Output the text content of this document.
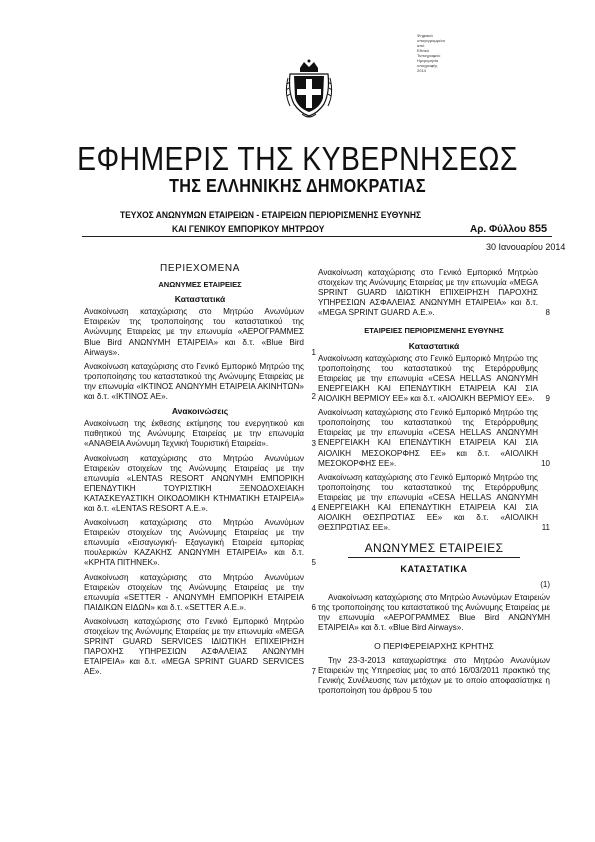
Ψηφιακά
υπογεγραμμένο
από
Εθνικό
Τυπογραφείο
Ημερομηνία
υπογραφής
2014
ΕΦΗΜΕΡΙΣ ΤΗΣ ΚΥΒΕΡΝΗΣΕΩΣ
ΤΗΣ ΕΛΛΗΝΙΚΗΣ ΔΗΜΟΚΡΑΤΙΑΣ
ΤΕΥΧΟΣ ΑΝΩΝΥΜΩΝ ΕΤΑΙΡΕΙΩΝ - ΕΤΑΙΡΕΙΩΝ ΠΕΡΙΟΡΙΣΜΕΝΗΣ ΕΥΘΥΝΗΣ
ΚΑΙ ΓΕΝΙΚΟΥ ΕΜΠΟΡΙΚΟΥ ΜΗΤΡΩΟΥ	Αρ. Φύλλου 855
30 Ιανουαρίου 2014
ΠΕΡΙΕΧΟΜΕΝΑ
ΑΝΩΝΥΜΕΣ ΕΤΑΙΡΕΙΕΣ
Καταστατικά
Ανακοίνωση καταχώρισης στο Μητρώο Ανωνύμων Εταιρειών της τροποποίησης του καταστατικού της Ανώνυμης Εταιρείας με την επωνυμία «ΑΕΡΟΓΡΑΜΜΕΣ Blue Bird ΑΝΩΝΥΜΗ ΕΤΑΙΡΕΙΑ» και δ.τ. «Blue Bird Airways».	1
Ανακοίνωση καταχώρισης στο Γενικό Εμπορικό Μητρώο της τροποποίησης του καταστατικού της Ανώνυμης Εταιρείας με την επωνυμία «ΙΚΤΙΝΟΣ ΑΝΩΝΥΜΗ ΕΤΑΙΡΕΙΑ ΑΚΙΝΗΤΩΝ» και δ.τ. «ΙΚΤΙΝΟΣ ΑΕ».	2
Ανακοινώσεις
Ανακοίνωση της έκθεσης εκτίμησης του ενεργητικού και παθητικού της Ανώνυμης Εταιρείας με την επωνυμία «ΑΝΑΘΕΙΑ Ανώνυμη Τεχνική Τουριστική Εταιρεία».	3
Ανακοίνωση καταχώρισης στο Μητρώο Ανωνύμων Εταιρειών στοιχείων της Ανώνυμης Εταιρείας με την επωνυμία «LENTAS RESORT ΑΝΩΝΥΜΗ ΕΜΠΟΡΙΚΗ ΕΠΕΝΔΥΤΙΚΗ ΤΟΥΡΙΣΤΙΚΗ ΞΕΝΟΔΟΧΕΙΑΚΗ ΚΑΤΑΣΚΕΥΑΣΤΙΚΗ ΟΙΚΟΔΟΜΙΚΗ ΚΤΗΜΑΤΙΚΗ ΕΤΑΙΡΕΙΑ» και δ.τ. «LENTAS RESORT Α.Ε.».	4
Ανακοίνωση καταχώρισης στο Μητρώο Ανωνύμων Εταιρειών στοιχείων της Ανώνυμης Εταιρείας με την επωνυμία «Εισαγωγική- Εξαγωγική Εταιρεία εμπορίας πουλερικών ΚΑΖΑΚΗΣ ΑΝΩΝΥΜΗ ΕΤΑΙΡΕΙΑ» και δ.τ. «ΚΡΗΤΑ ΠΙΤΗΝΕΚ».	5
Ανακοίνωση καταχώρισης στο Μητρώο Ανωνύμων Εταιρειών στοιχείων της Ανώνυμης Εταιρείας με την επωνυμία «SETTER - ΑΝΩΝΥΜΗ ΕΜΠΟΡΙΚΗ ΕΤΑΙΡΕΙΑ ΠΑΙΔΙΚΩΝ ΕΙΔΩΝ» και δ.τ. «SETTER Α.Ε.».	6
Ανακοίνωση καταχώρισης στο Γενικό Εμπορικό Μητρώο στοιχείων της Ανώνυμης Εταιρείας με την επωνυμία «MEGA SPRINT GUARD SERVICES ΙΔΙΩΤΙΚΗ ΕΠΙΧΕΙΡΗΣΗ ΠΑΡΟΧΗΣ ΥΠΗΡΕΣΙΩΝ ΑΣΦΑΛΕΙΑΣ ΑΝΩΝΥΜΗ ΕΤΑΙΡΕΙΑ» και δ.τ. «MEGA SPRINT GUARD SERVICES AE».	7
Ανακοίνωση καταχώρισης στο Γενικό Εμπορικό Μητρώο στοιχείων της Ανώνυμης Εταιρείας με την επωνυμία «MEGA SPRINT GUARD ΙΔΙΩΤΙΚΗ ΕΠΙΧΕΙΡΗΣΗ ΠΑΡΟΧΗΣ ΥΠΗΡΕΣΙΩΝ ΑΣΦΑΛΕΙΑΣ ΑΝΩΝΥΜΗ ΕΤΑΙΡΕΙΑ» και δ.τ. «MEGA SPRINT GUARD Α.Ε.».	8
ΕΤΑΙΡΕΙΕΣ ΠΕΡΙΟΡΙΣΜΕΝΗΣ ΕΥΘΥΝΗΣ
Καταστατικά
Ανακοίνωση καταχώρισης στο Γενικό Εμπορικό Μητρώο της τροποποίησης του καταστατικού της Ετερόρρυθμης Εταιρείας με την επωνυμία «CESA HELLAS ΑΝΩΝΥΜΗ ΕΝΕΡΓΕΙΑΚΗ ΚΑΙ ΕΠΕΝΔΥΤΙΚΗ ΕΤΑΙΡΕΙΑ ΚΑΙ ΣΙΑ ΑΙΟΛΙΚΗ ΒΕΡΜΙΟΥ ΕΕ» και δ.τ. «ΑΙΟΛΙΚΗ ΒΕΡΜΙΟΥ ΕΕ».	9
Ανακοίνωση καταχώρισης στο Γενικό Εμπορικό Μητρώο της τροποποίησης του καταστατικού της Ετερόρρυθμης Εταιρείας με την επωνυμία «CESA HELLAS ΑΝΩΝΥΜΗ ΕΝΕΡΓΕΙΑΚΗ ΚΑΙ ΕΠΕΝΔΥΤΙΚΗ ΕΤΑΙΡΕΙΑ ΚΑΙ ΣΙΑ ΑΙΟΛΙΚΗ ΜΕΣΟΚΟΡΦΗΣ ΕΕ» και δ.τ. «ΑΙΟΛΙΚΗ ΜΕΣΟΚΟΡΦΗΣ ΕΕ».	10
Ανακοίνωση καταχώρισης στο Γενικό Εμπορικό Μητρώο της τροποποίησης του καταστατικού της Ετερόρρυθμης Εταιρείας με την επωνυμία «CESA HELLAS ΑΝΩΝΥΜΗ ΕΝΕΡΓΕΙΑΚΗ ΚΑΙ ΕΠΕΝΔΥΤΙΚΗ ΕΤΑΙΡΕΙΑ ΚΑΙ ΣΙΑ ΑΙΟΛΙΚΗ ΘΕΣΠΡΩΤΙΑΣ ΕΕ» και δ.τ. «ΑΙΟΛΙΚΗ ΘΕΣΠΡΩΤΙΑΣ ΕΕ».	11
ΑΝΩΝΥΜΕΣ ΕΤΑΙΡΕΙΕΣ
ΚΑΤΑΣΤΑΤΙΚΑ
(1)
Ανακοίνωση καταχώρισης στο Μητρώο Ανωνύμων Εταιρειών της τροποποίησης του καταστατικού της Ανώνυμης Εταιρείας με την επωνυμία «ΑΕΡΟΓΡΑΜΜΕΣ Blue Bird ΑΝΩΝΥΜΗ ΕΤΑΙΡΕΙΑ» και δ.τ. «Blue Bird Airways».
Ο ΠΕΡΙΦΕΡΕΙΑΡΧΗΣ ΚΡΗΤΗΣ
Την 23-3-2013 καταχωρίστηκε στο Μητρώο Ανωνύμων Εταιρειών της Υπηρεσίας μας το από 16/03/2011 πρακτικό της Γενικής Συνέλευσης των μετόχων με το οποίο αποφασίστηκε η τροποποίηση του άρθρου 5 του
